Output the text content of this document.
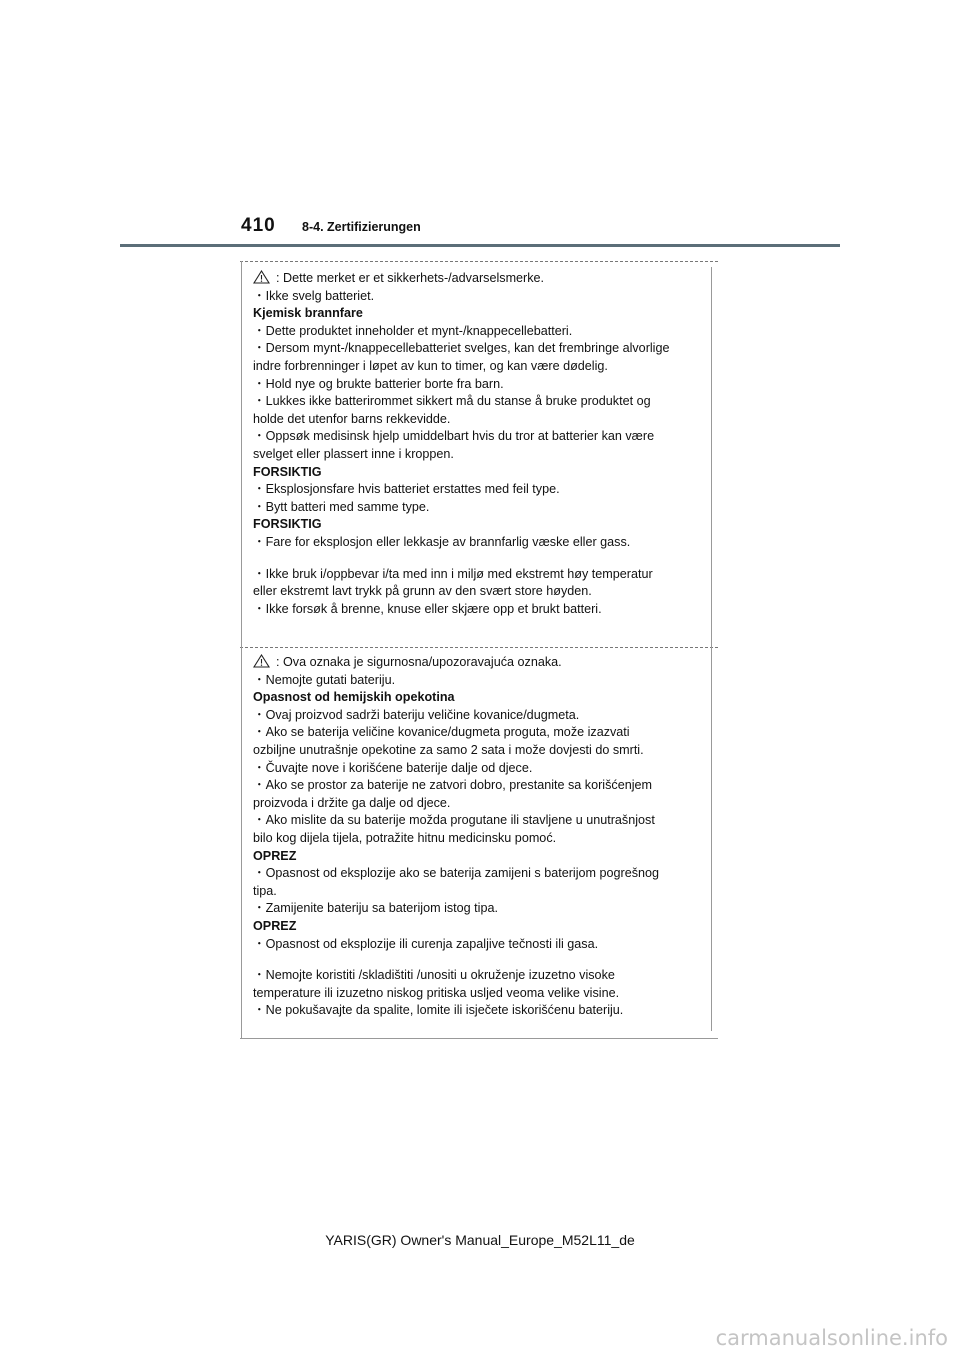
410 8-4. Zertifizierungen
: Dette merket er et sikkerhets-/advarselsmerke.
・Ikke svelg batteriet.
Kjemisk brannfare
・Dette produktet inneholder et mynt-/knappecellebatteri.
・Dersom mynt-/knappecellebatteriet svelges, kan det frembringe alvorlige
indre forbrenninger i løpet av kun to timer, og kan være dødelig.
・Hold nye og brukte batterier borte fra barn.
・Lukkes ikke batterirommet sikkert må du stanse å bruke produktet og
holde det utenfor barns rekkevidde.
・Oppsøk medisinsk hjelp umiddelbart hvis du tror at batterier kan være
svelget eller plassert inne i kroppen.
FORSIKTIG
・Eksplosjonsfare hvis batteriet erstattes med feil type.
・Bytt batteri med samme type.
FORSIKTIG
・Fare for eksplosjon eller lekkasje av brannfarlig væske eller gass.
・Ikke bruk i/oppbevar i/ta med inn i miljø med ekstremt høy temperatur
eller ekstremt lavt trykk på grunn av den svært store høyden.
・Ikke forsøk å brenne, knuse eller skjære opp et brukt batteri.
: Ova oznaka je sigurnosna/upozoravajuća oznaka.
・Nemojte gutati bateriju.
Opasnost od hemijskih opekotina
・Ovaj proizvod sadrži bateriju veličine kovanice/dugmeta.
・Ako se baterija veličine kovanice/dugmeta proguta, može izazvati
ozbiljne unutrašnje opekotine za samo 2 sata i može dovjesti do smrti.
・Čuvajte nove i korišćene baterije dalje od djece.
・Ako se prostor za baterije ne zatvori dobro, prestanite sa korišćenjem
proizvoda i držite ga dalje od djece.
・Ako mislite da su baterije možda progutane ili stavljene u unutrašnjost
bilo kog dijela tijela, potražite hitnu medicinsku pomoć.
OPREZ
・Opasnost od eksplozije ako se baterija zamijeni s baterijom pogrešnog
tipa.
・Zamijenite bateriju sa baterijom istog tipa.
OPREZ
・Opasnost od eksplozije ili curenja zapaljive tečnosti ili gasa.
・Nemojte koristiti /skladištiti /unositi u okruženje izuzetno visoke
temperature ili izuzetno niskog pritiska usljed veoma velike visine.
・Ne pokušavajte da spalite, lomite ili isječete iskorišćenu bateriju.
YARIS(GR) Owner's Manual_Europe_M52L11_de
carmanualsonline.info
